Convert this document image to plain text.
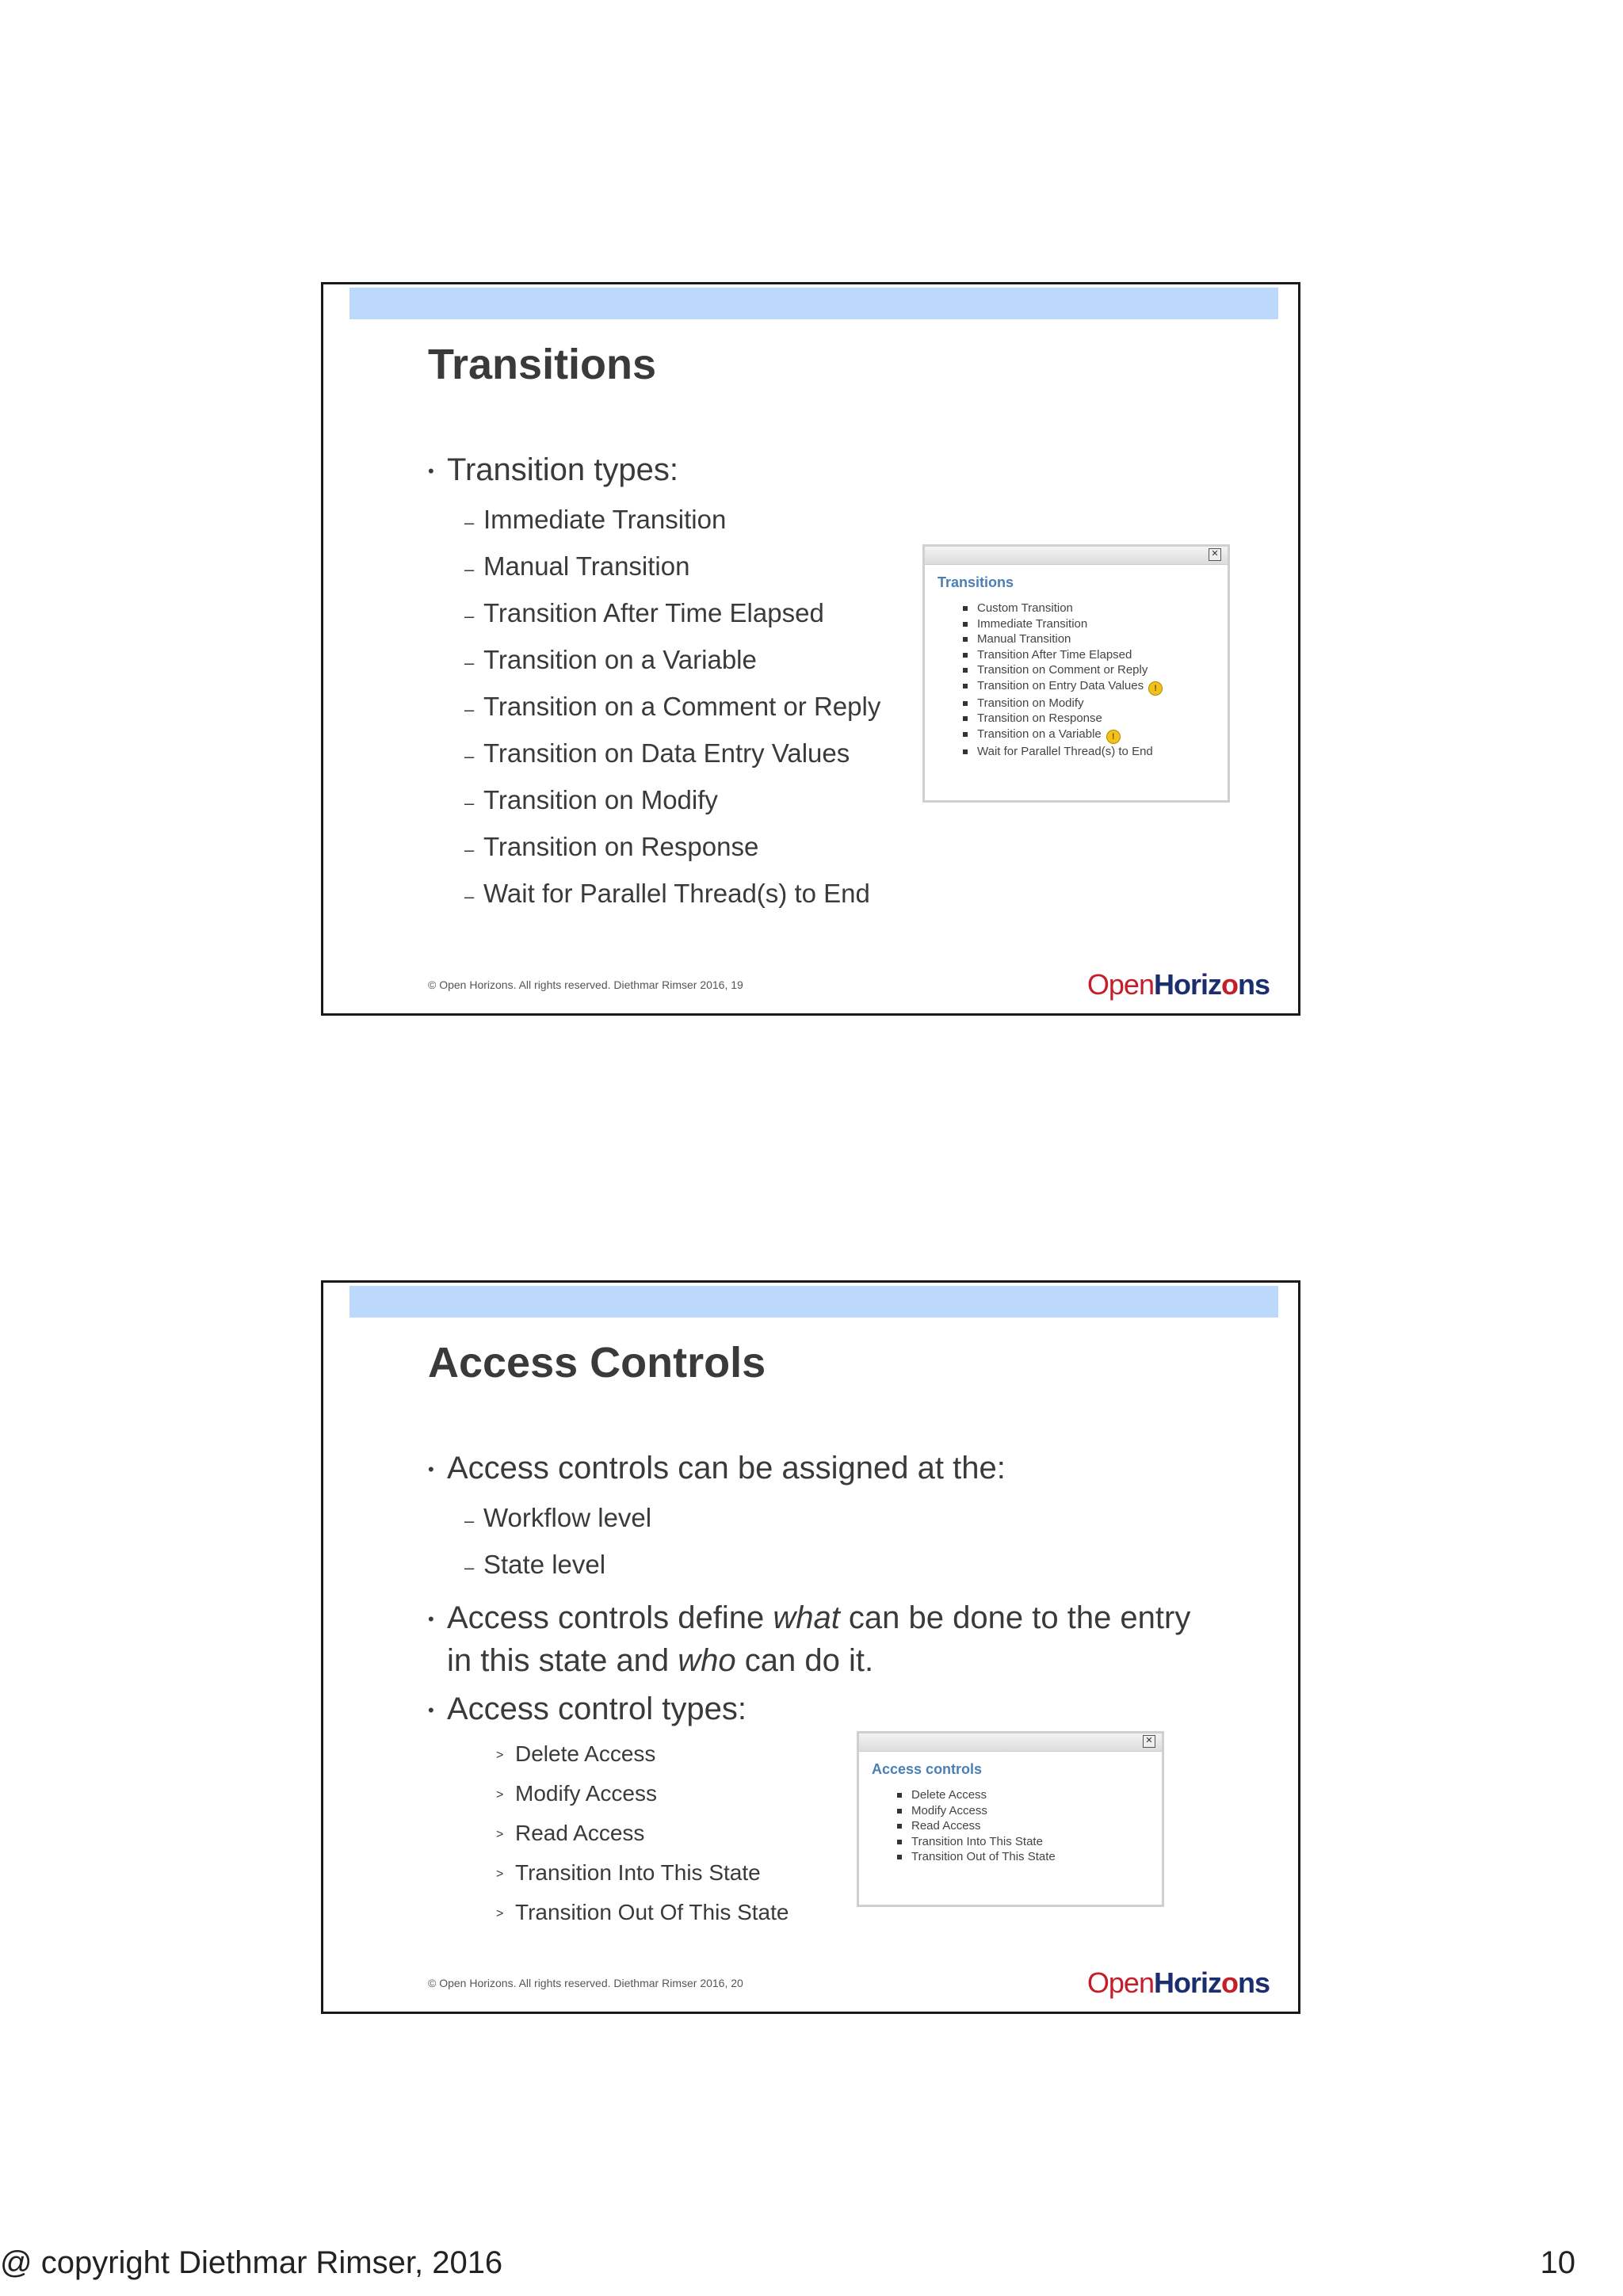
Transitions
• Transition types:
– Immediate Transition
– Manual Transition
– Transition After Time Elapsed
– Transition on a Variable
– Transition on a Comment or Reply
– Transition on Data Entry Values
– Transition on Modify
– Transition on Response
– Wait for Parallel Thread(s) to End
✕
Transitions
Custom Transition
Immediate Transition
Manual Transition
Transition After Time Elapsed
Transition on Comment or Reply
Transition on Entry Data Values !
Transition on Modify
Transition on Response
Transition on a Variable !
Wait for Parallel Thread(s) to End
© Open Horizons. All rights reserved. Diethmar Rimser 2016, 19	OpenHorizons
Access Controls
• Access controls can be assigned at the:
– Workflow level
– State level
• Access controls define what can be done to the entry
in this state and who can do it.
• Access control types:
> Delete Access
> Modify Access
> Read Access
> Transition Into This State
> Transition Out Of This State
✕
Access controls
Delete Access
Modify Access
Read Access
Transition Into This State
Transition Out of This State
© Open Horizons. All rights reserved. Diethmar Rimser 2016, 20	OpenHorizons
@ copyright Diethmar Rimser, 2016	10
